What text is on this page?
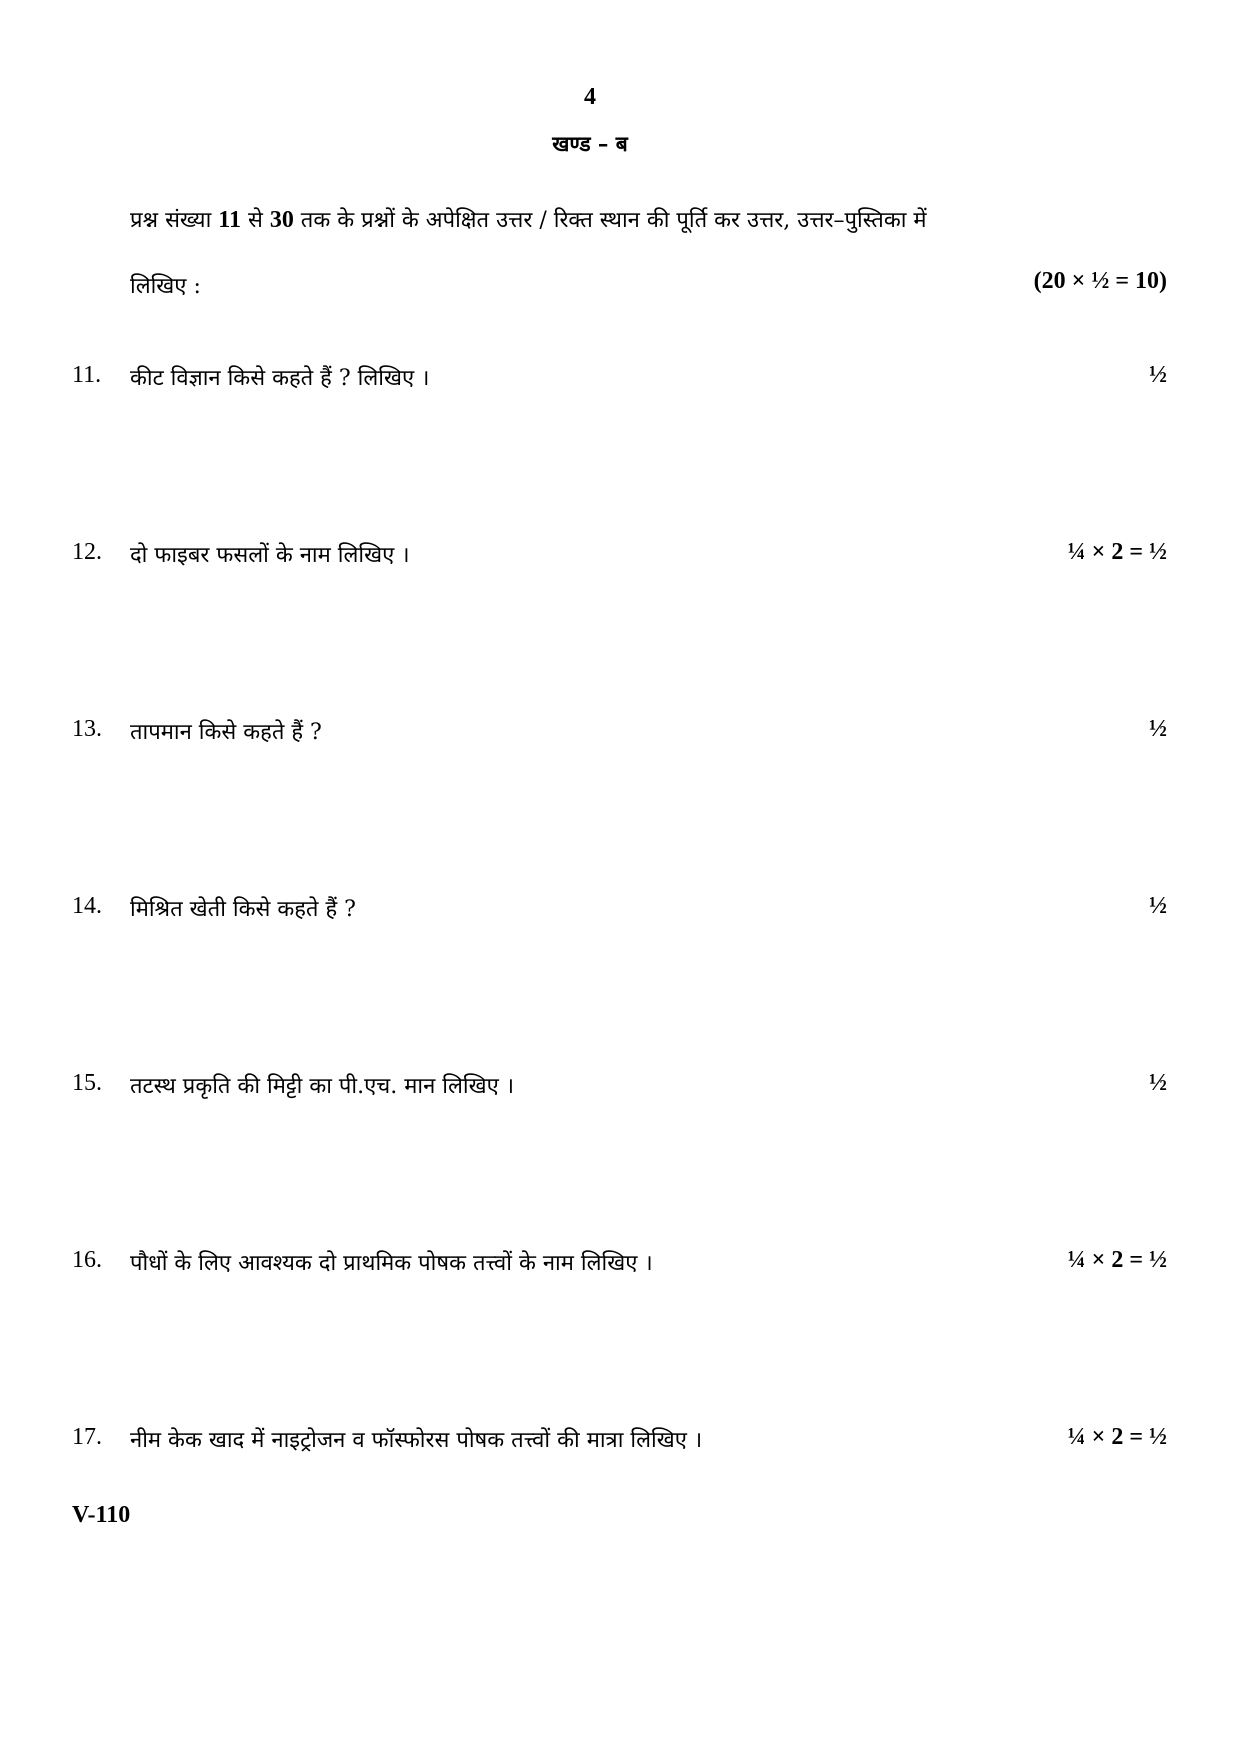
4
खण्ड – ब
प्रश्न संख्या 11 से 30 तक के प्रश्नों के अपेक्षित उत्तर / रिक्त स्थान की पूर्ति कर उत्तर, उत्तर–पुस्तिका में
लिखिए :	(20 × ½ = 10)
11. कीट विज्ञान किसे कहते हैं ? लिखिए ।	½
12. दो फाइबर फसलों के नाम लिखिए ।	¼ × 2 = ½
13. तापमान किसे कहते हैं ?	½
14. मिश्रित खेती किसे कहते हैं ?	½
15. तटस्थ प्रकृति की मिट्टी का पी.एच. मान लिखिए ।	½
16. पौधों के लिए आवश्यक दो प्राथमिक पोषक तत्त्वों के नाम लिखिए ।	¼ × 2 = ½
17. नीम केक खाद में नाइट्रोजन व फॉस्फोरस पोषक तत्त्वों की मात्रा लिखिए ।	¼ × 2 = ½
V-110
